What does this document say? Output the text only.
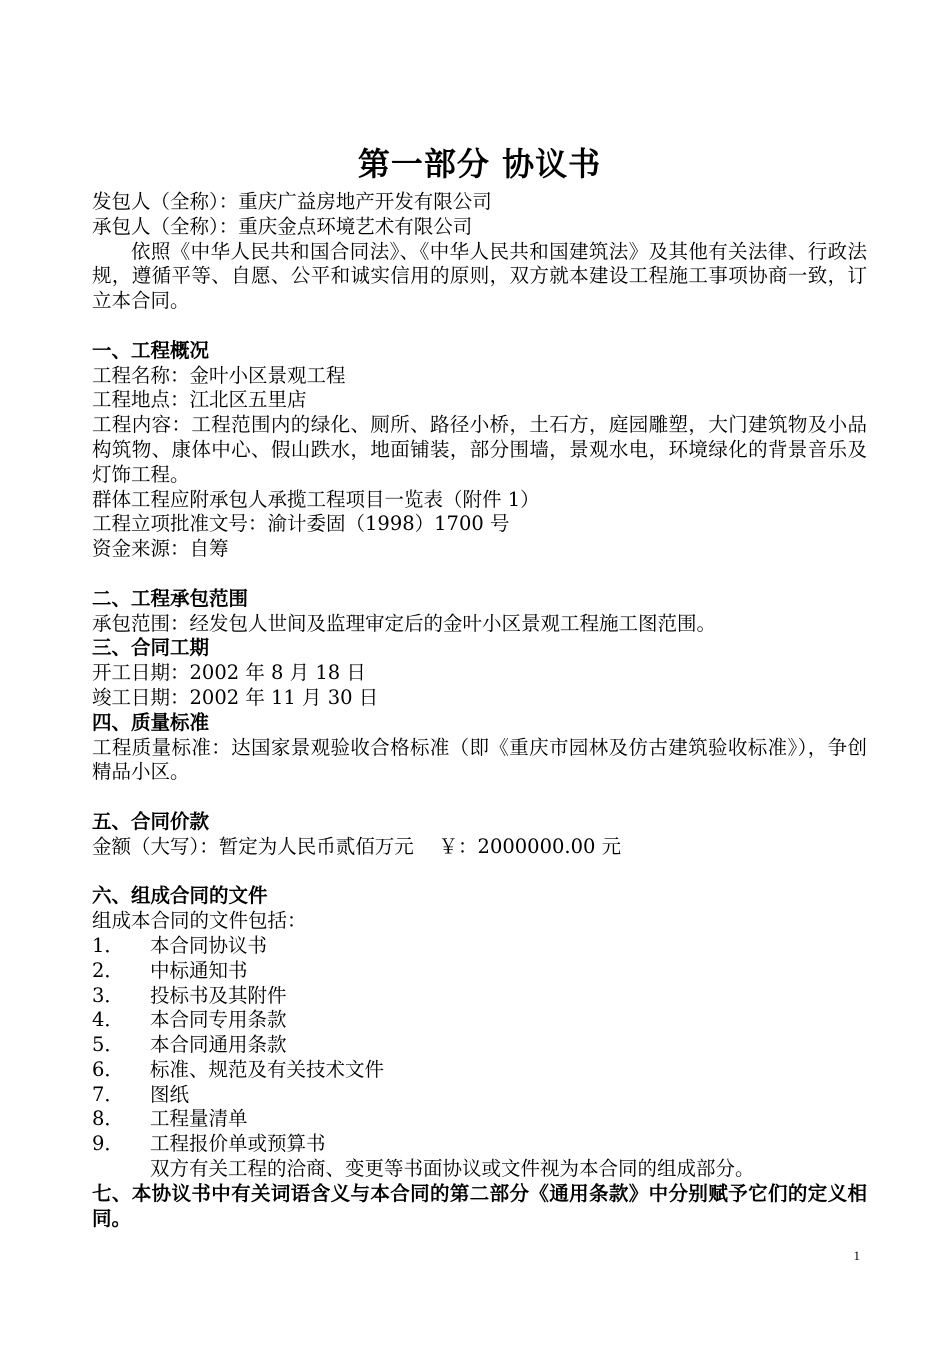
第一部分 协议书
发包人（全称）：重庆广益房地产开发有限公司
承包人（全称）：重庆金点环境艺术有限公司
依照《中华人民共和国合同法》、《中华人民共和国建筑法》及其他有关法律、行政法规，遵循平等、自愿、公平和诚实信用的原则，双方就本建设工程施工事项协商一致，订立本合同。
一、工程概况
工程名称：金叶小区景观工程
工程地点：江北区五里店
工程内容：工程范围内的绿化、厕所、路径小桥，土石方，庭园雕塑，大门建筑物及小品构筑物、康体中心、假山跌水，地面铺装，部分围墙，景观水电，环境绿化的背景音乐及灯饰工程。
群体工程应附承包人承揽工程项目一览表（附件 1）
工程立项批准文号：渝计委固（1998）1700 号
资金来源：自筹
二、工程承包范围
承包范围：经发包人世间及监理审定后的金叶小区景观工程施工图范围。
三、合同工期
开工日期：2002 年 8 月 18 日
竣工日期：2002 年 11 月 30 日
四、质量标准
工程质量标准：达国家景观验收合格标准（即《重庆市园林及仿古建筑验收标准》），争创精品小区。
五、合同价款
金额（大写）：暂定为人民币贰佰万元    ￥：2000000.00 元
六、组成合同的文件
组成本合同的文件包括：
1． 本合同协议书
2． 中标通知书
3． 投标书及其附件
4． 本合同专用条款
5． 本合同通用条款
6． 标准、规范及有关技术文件
7． 图纸
8． 工程量清单
9． 工程报价单或预算书
双方有关工程的洽商、变更等书面协议或文件视为本合同的组成部分。
七、本协议书中有关词语含义与本合同的第二部分《通用条款》中分别赋予它们的定义相同。
1
